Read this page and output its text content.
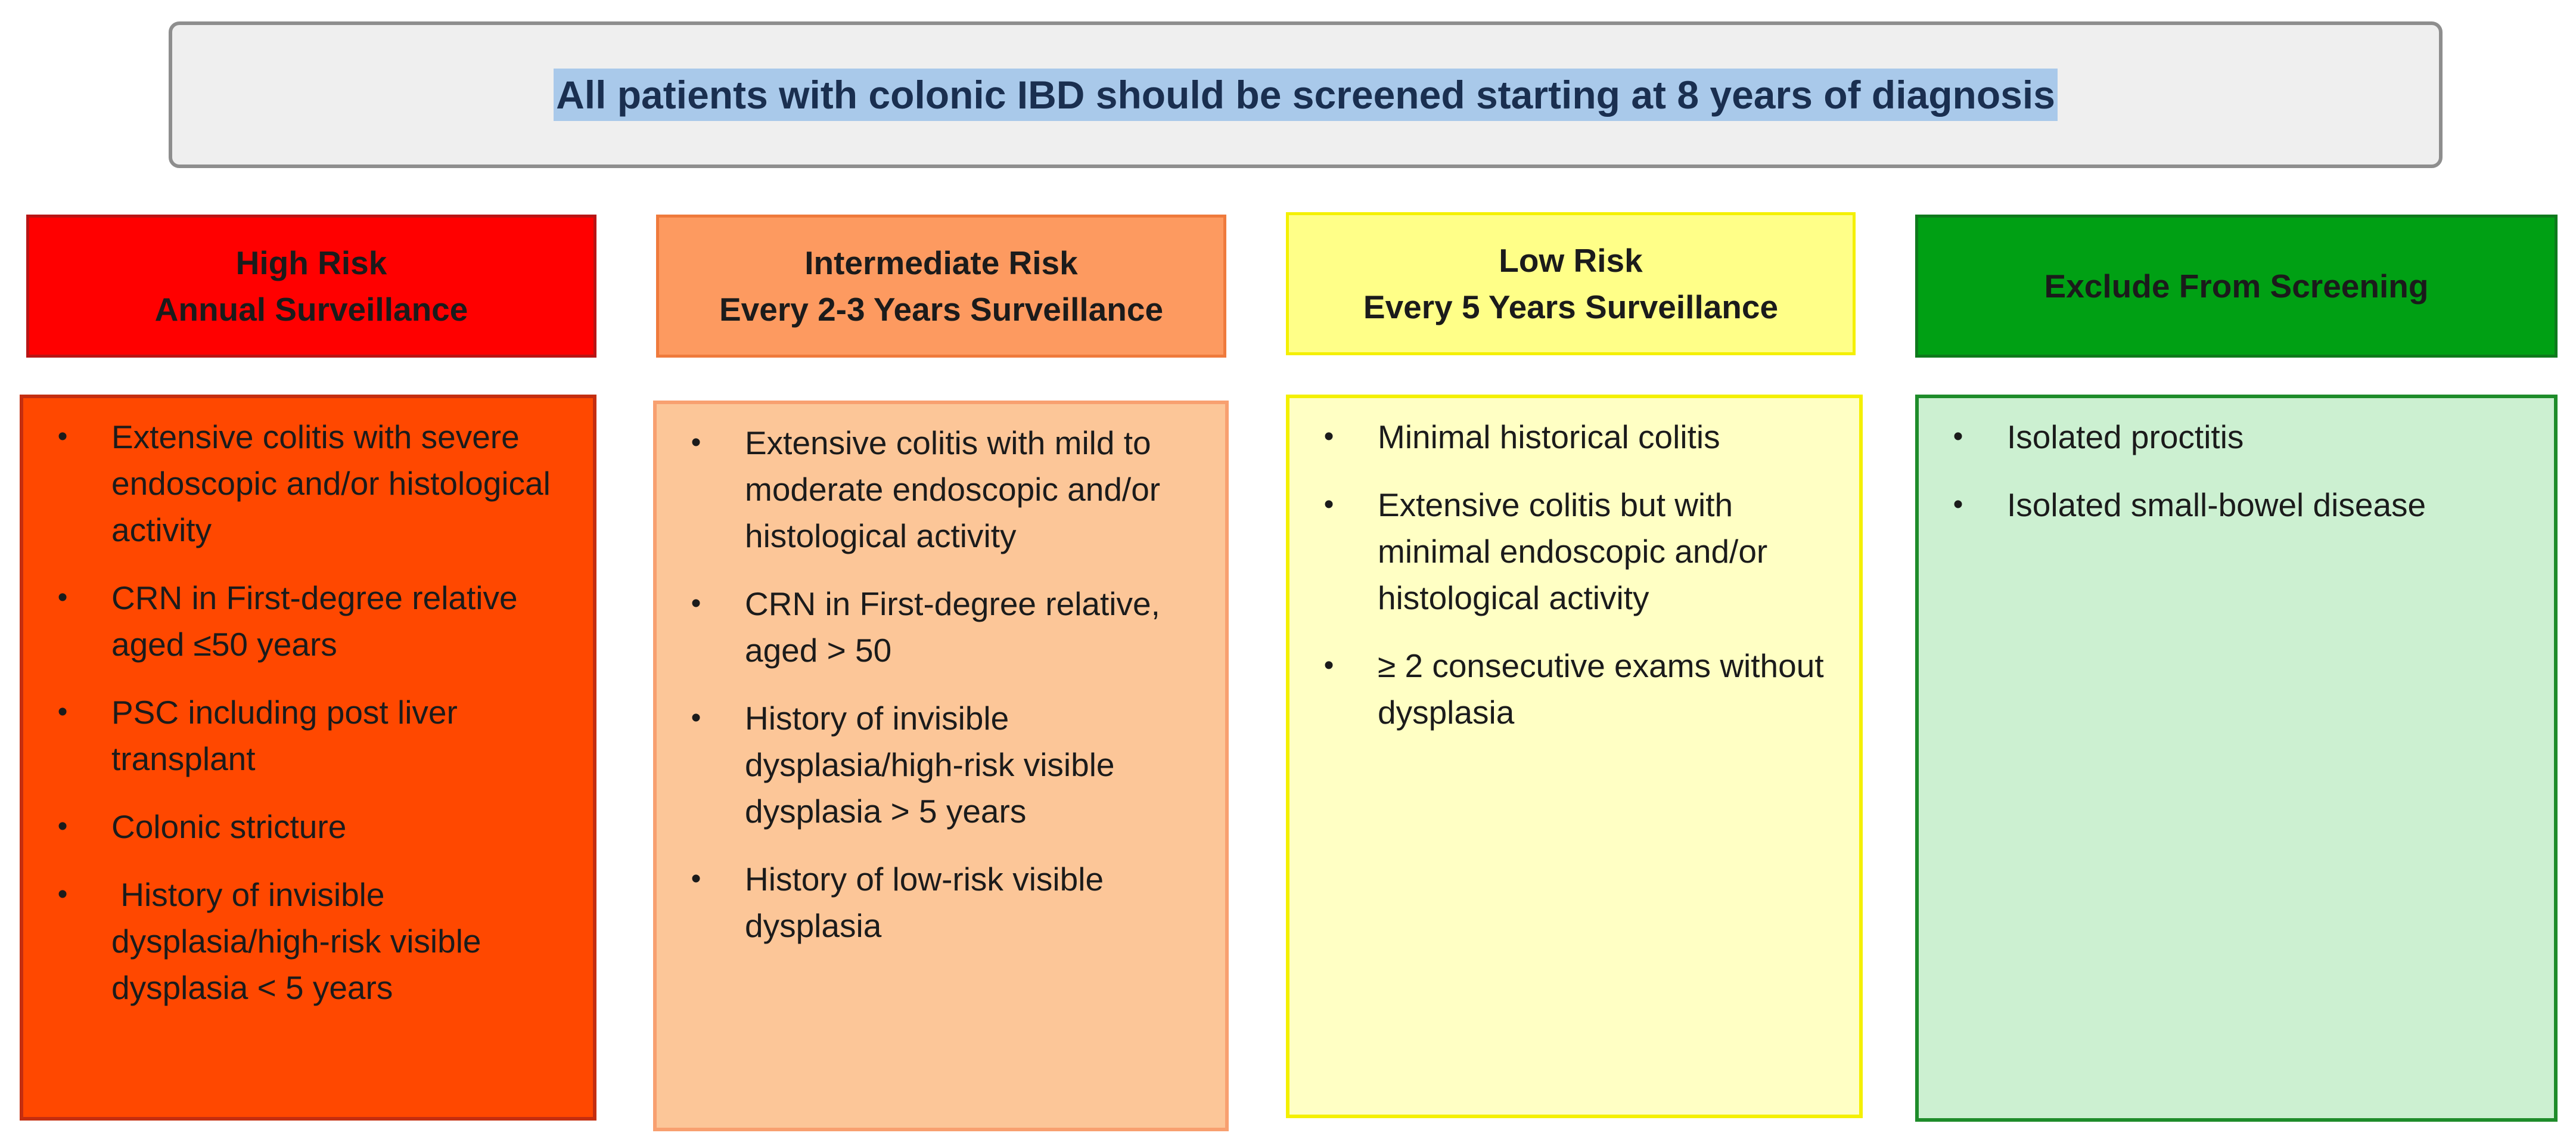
All patients with colonic IBD should be screened starting at 8 years of diagnosis
High Risk
Annual Surveillance
•	Extensive colitis with severe endoscopic and/or histological activity
•	CRN in First-degree relative aged ≤50 years
•	PSC including post liver transplant
•	Colonic stricture
•	History of invisible dysplasia/high-risk visible dysplasia < 5 years
Intermediate Risk
Every 2-3 Years Surveillance
•	Extensive colitis with mild to moderate endoscopic and/or histological activity
•	CRN in First-degree relative, aged > 50
•	History of invisible dysplasia/high-risk visible dysplasia > 5 years
•	History of low-risk visible dysplasia
Low Risk
Every 5 Years Surveillance
•	Minimal historical colitis
•	Extensive colitis but with minimal endoscopic and/or histological activity
•	≥ 2 consecutive exams without dysplasia
Exclude From Screening
•	Isolated proctitis
•	Isolated small-bowel disease
